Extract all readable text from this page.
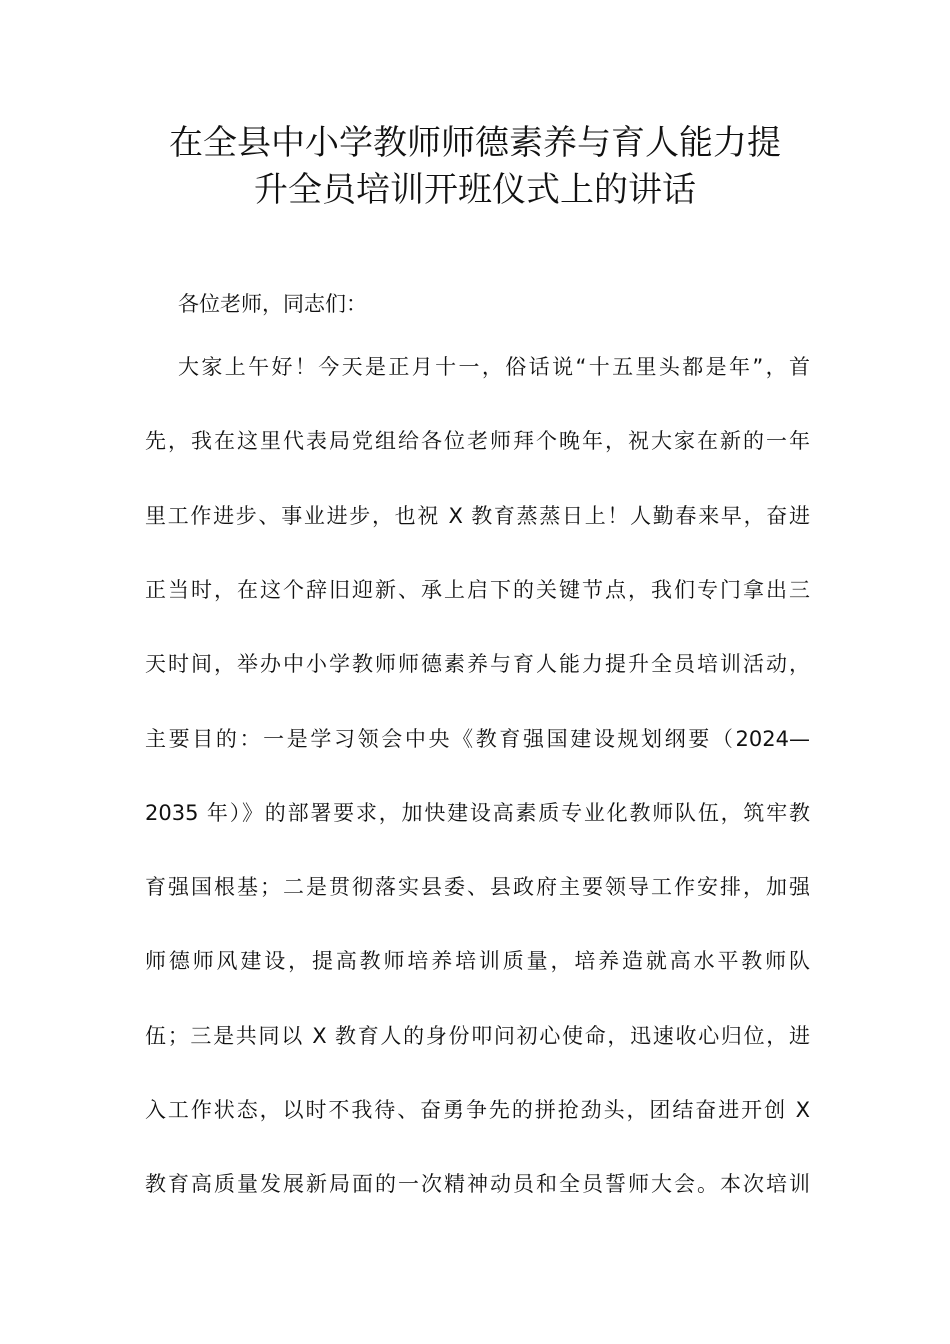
在全县中小学教师师德素养与育人能力提
升全员培训开班仪式上的讲话
各位老师，同志们：
大家上午好！今天是正月十一，俗话说“十五里头都是年”，首
先，我在这里代表局党组给各位老师拜个晚年，祝大家在新的一年
里工作进步、事业进步，也祝 X 教育蒸蒸日上！人勤春来早，奋进
正当时，在这个辞旧迎新、承上启下的关键节点，我们专门拿出三
天时间，举办中小学教师师德素养与育人能力提升全员培训活动，
主要目的：一是学习领会中央《教育强国建设规划纲要（2024—
2035 年）》的部署要求，加快建设高素质专业化教师队伍，筑牢教
育强国根基；二是贯彻落实县委、县政府主要领导工作安排，加强
师德师风建设，提高教师培养培训质量，培养造就高水平教师队
伍；三是共同以 X 教育人的身份叩问初心使命，迅速收心归位，进
入工作状态，以时不我待、奋勇争先的拼抢劲头，团结奋进开创 X
教育高质量发展新局面的一次精神动员和全员誓师大会。本次培训
